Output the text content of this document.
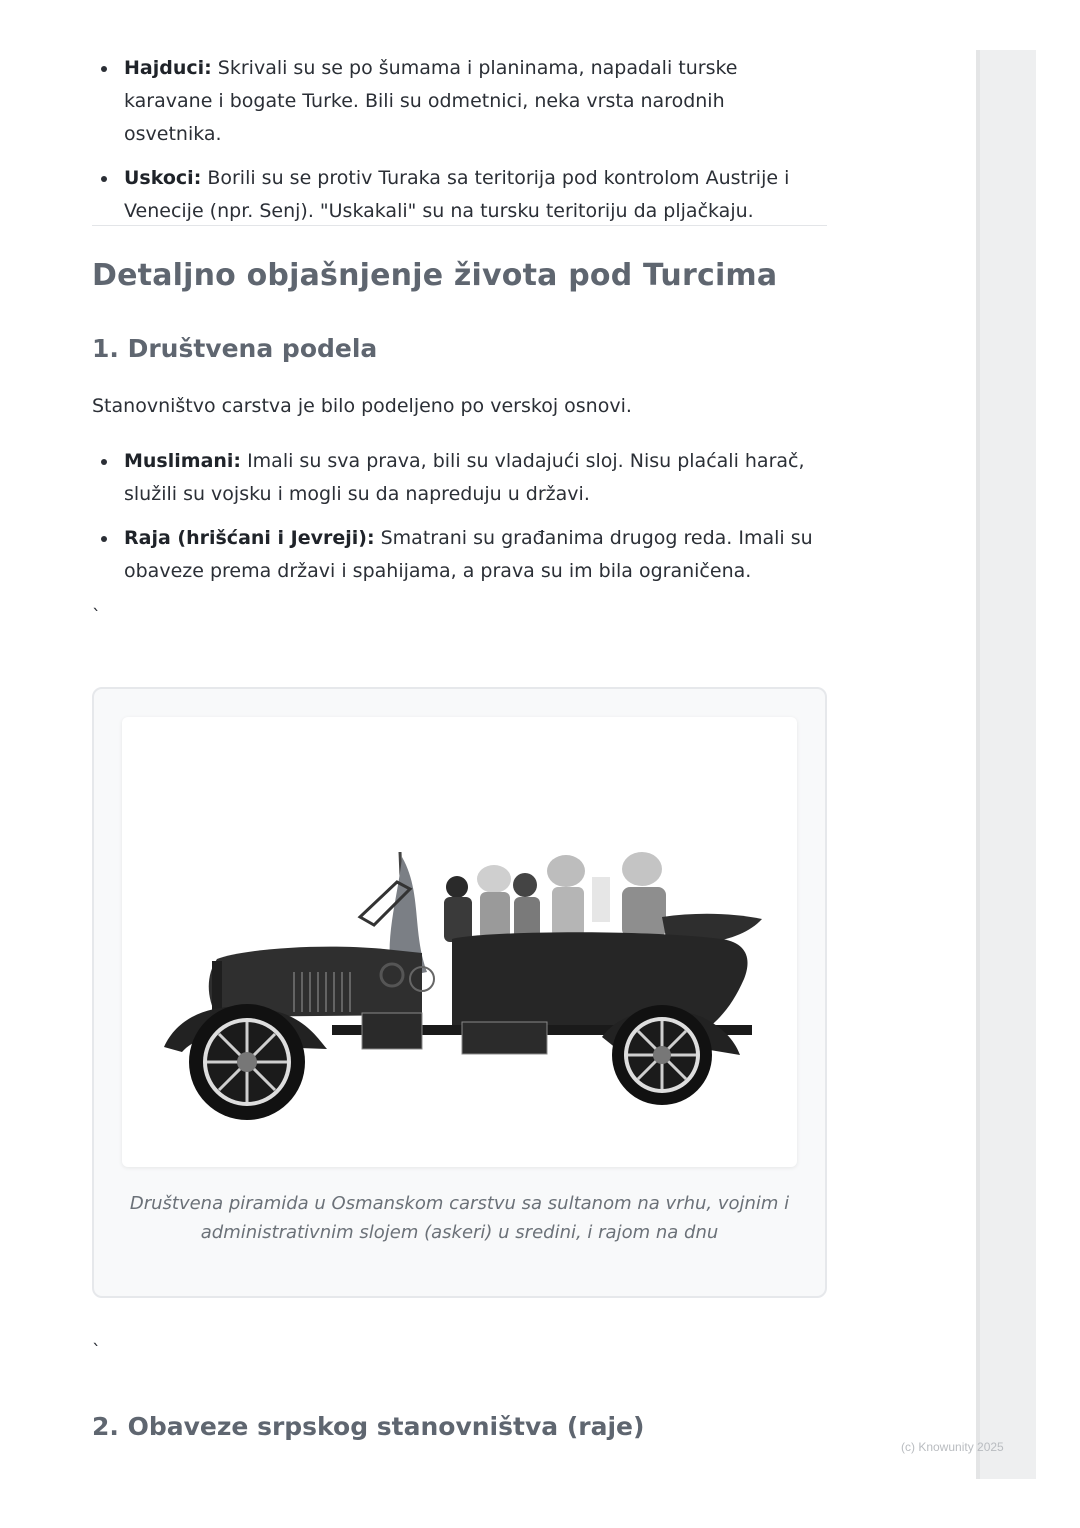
Hajduci: Skrivali su se po šumama i planinama, napadali turske karavane i bogate Turke. Bili su odmetnici, neka vrsta narodnih osvetnika.
Uskoci: Borili su se protiv Turaka sa teritorija pod kontrolom Austrije i Venecije (npr. Senj). "Uskakali" su na tursku teritoriju da pljačkaju.
Detaljno objašnjenje života pod Turcima
1. Društvena podela

Stanovništvo carstva je bilo podeljeno po verskoj osnovi.

Muslimani: Imali su sva prava, bili su vladajući sloj. Nisu plaćali harač, služili su vojsku i mogli su da napreduju u državi.
Raja (hrišćani i Jevreji): Smatrani su građanima drugog reda. Imali su obaveze prema državi i spahijama, a prava su im bila ograničena.
`

Društvena piramida u Osmanskom carstvu sa sultanom na vrhu, vojnim i administrativnim slojem (askeri) u sredini, i rajom na dnu

`
2. Obaveze srpskog stanovništva (raje)
(c) Knowunity 2025
